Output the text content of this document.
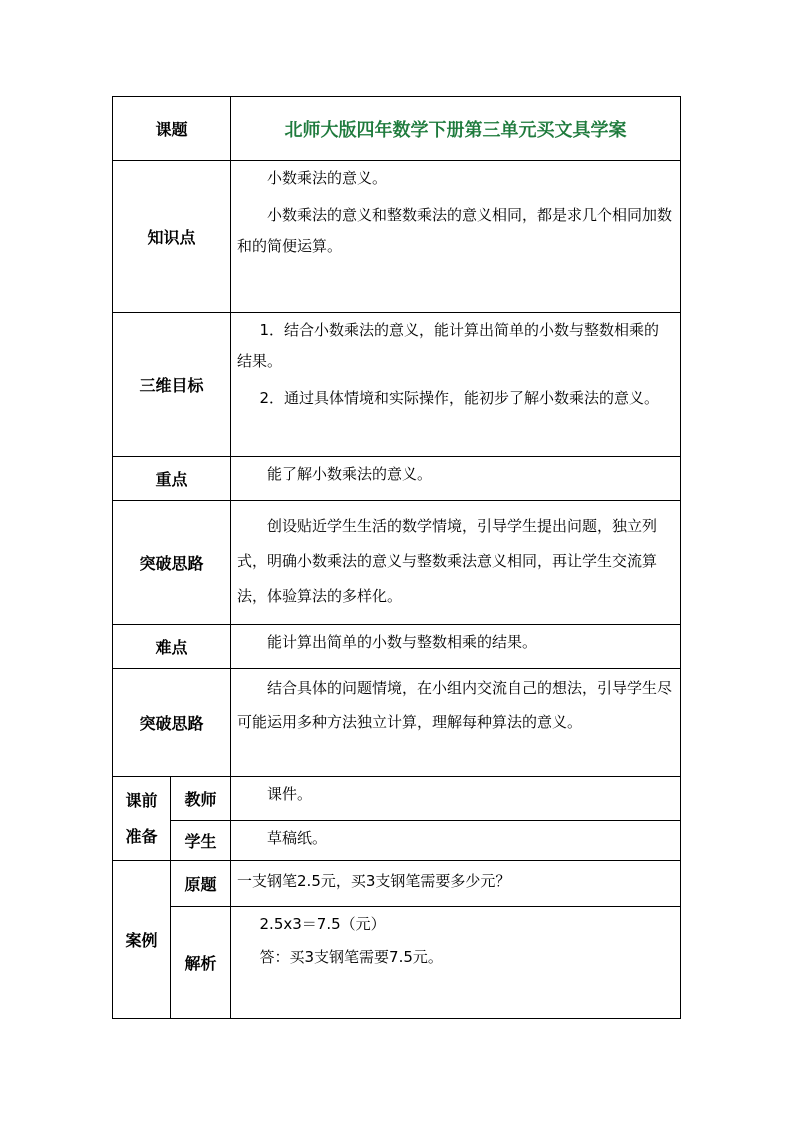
课题		北师大版四年数学下册第三单元买文具学案
知识点		小数乘法的意义。

小数乘法的意义和整数乘法的意义相同，都是求几个相同加数和的简便运算。

三维目标		1．结合小数乘法的意义，能计算出简单的小数与整数相乘的结果。

2．通过具体情境和实际操作，能初步了解小数乘法的意义。

重点		能了解小数乘法的意义。

突破思路		创设贴近学生生活的数学情境，引导学生提出问题，独立列式，明确小数乘法的意义与整数乘法意义相同，再让学生交流算法，体验算法的多样化。

难点		能计算出简单的小数与整数相乘的结果。

突破思路		结合具体的问题情境，在小组内交流自己的想法，引导学生尽可能运用多种方法独立计算，理解每种算法的意义。

课前
准备	教师	课件。

	学生	草稿纸。

案例	原题	一支钢笔2.5元，买3支钢笔需要多少元？

	解析	2.5x3＝7.5（元）

答：买3支钢笔需要7.5元。
